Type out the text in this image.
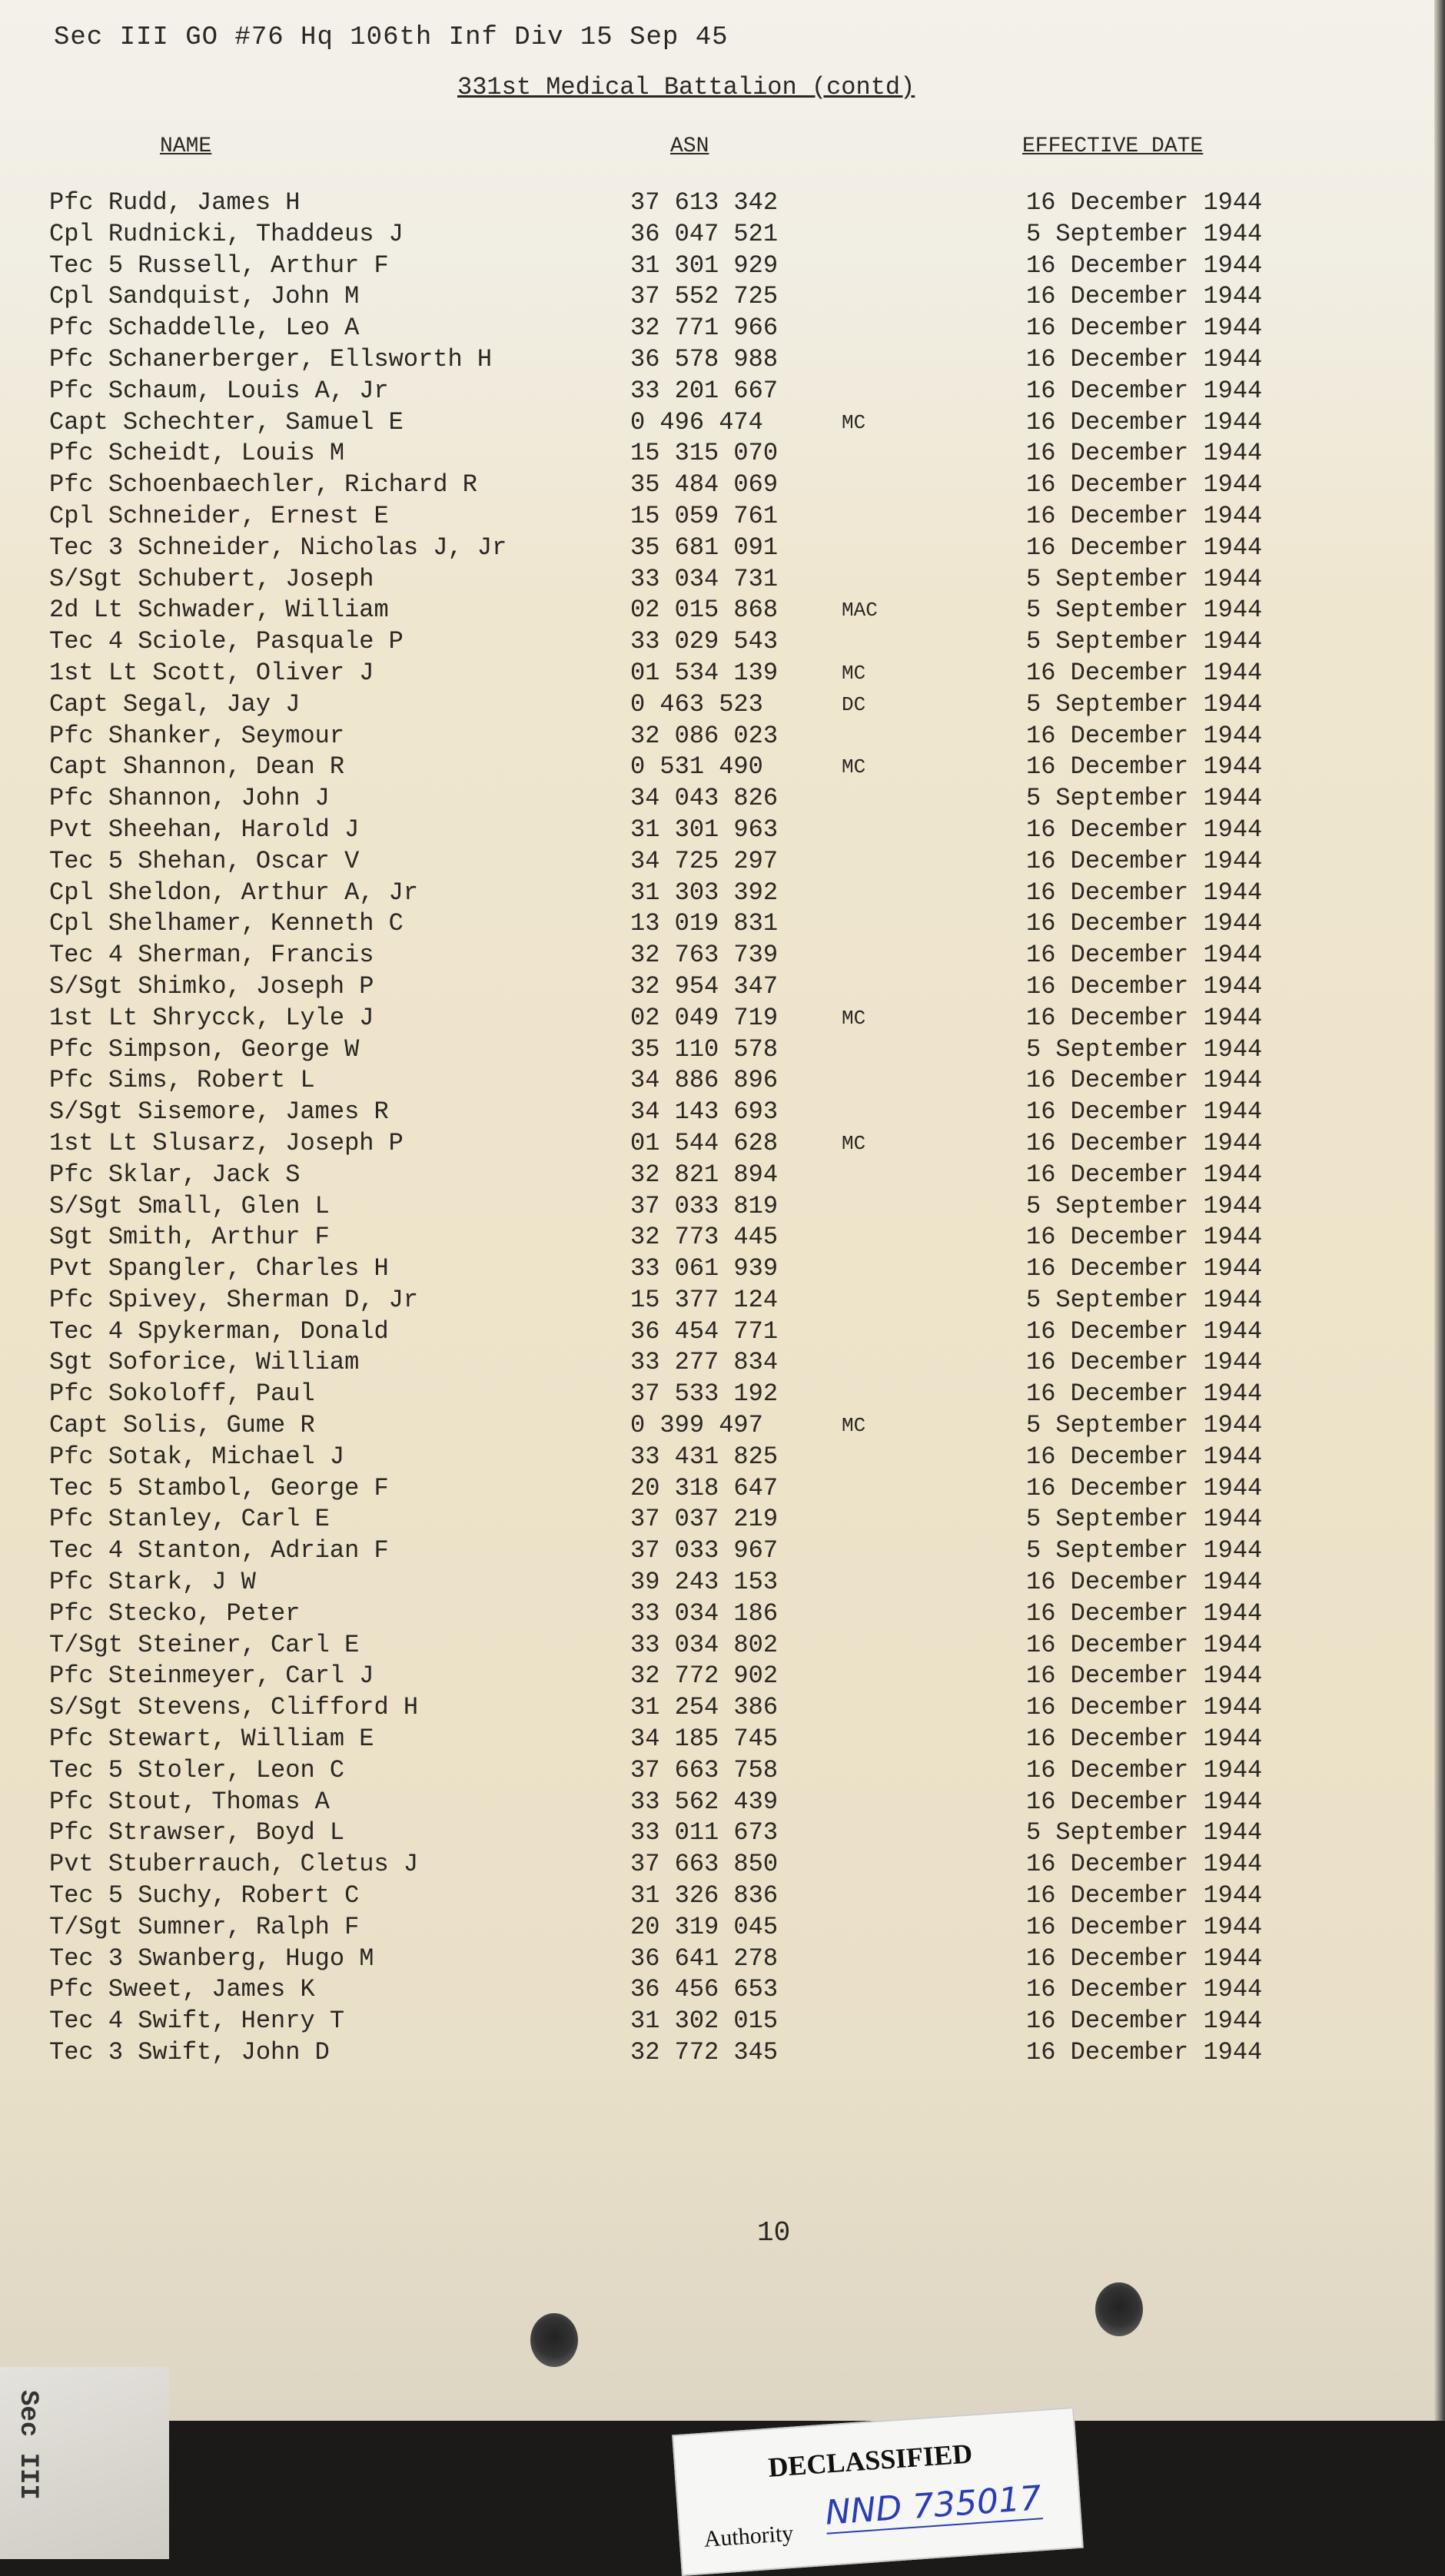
Sec III GO #76 Hq 106th Inf Div 15 Sep 45
331st Medical Battalion (contd)
NAME	ASN	EFFECTIVE DATE
Pfc Rudd, James H	37 613 342	16 December 1944
Cpl Rudnicki, Thaddeus J	36 047 521	5 September 1944
Tec 5 Russell, Arthur F	31 301 929	16 December 1944
Cpl Sandquist, John M	37 552 725	16 December 1944
Pfc Schaddelle, Leo A	32 771 966	16 December 1944
Pfc Schanerberger, Ellsworth H	36 578 988	16 December 1944
Pfc Schaum, Louis A, Jr	33 201 667	16 December 1944
Capt Schechter, Samuel E	0 496 474	MC	16 December 1944
Pfc Scheidt, Louis M	15 315 070	16 December 1944
Pfc Schoenbaechler, Richard R	35 484 069	16 December 1944
Cpl Schneider, Ernest E	15 059 761	16 December 1944
Tec 3 Schneider, Nicholas J, Jr	35 681 091	16 December 1944
S/Sgt Schubert, Joseph	33 034 731	5 September 1944
2d Lt Schwader, William	02 015 868	MAC	5 September 1944
Tec 4 Sciole, Pasquale P	33 029 543	5 September 1944
1st Lt Scott, Oliver J	01 534 139	MC	16 December 1944
Capt Segal, Jay J	0 463 523	DC	5 September 1944
Pfc Shanker, Seymour	32 086 023	16 December 1944
Capt Shannon, Dean R	0 531 490	MC	16 December 1944
Pfc Shannon, John J	34 043 826	5 September 1944
Pvt Sheehan, Harold J	31 301 963	16 December 1944
Tec 5 Shehan, Oscar V	34 725 297	16 December 1944
Cpl Sheldon, Arthur A, Jr	31 303 392	16 December 1944
Cpl Shelhamer, Kenneth C	13 019 831	16 December 1944
Tec 4 Sherman, Francis	32 763 739	16 December 1944
S/Sgt Shimko, Joseph P	32 954 347	16 December 1944
1st Lt Shrycck, Lyle J	02 049 719	MC	16 December 1944
Pfc Simpson, George W	35 110 578	5 September 1944
Pfc Sims, Robert L	34 886 896	16 December 1944
S/Sgt Sisemore, James R	34 143 693	16 December 1944
1st Lt Slusarz, Joseph P	01 544 628	MC	16 December 1944
Pfc Sklar, Jack S	32 821 894	16 December 1944
S/Sgt Small, Glen L	37 033 819	5 September 1944
Sgt Smith, Arthur F	32 773 445	16 December 1944
Pvt Spangler, Charles H	33 061 939	16 December 1944
Pfc Spivey, Sherman D, Jr	15 377 124	5 September 1944
Tec 4 Spykerman, Donald	36 454 771	16 December 1944
Sgt Soforice, William	33 277 834	16 December 1944
Pfc Sokoloff, Paul	37 533 192	16 December 1944
Capt Solis, Gume R	0 399 497	MC	5 September 1944
Pfc Sotak, Michael J	33 431 825	16 December 1944
Tec 5 Stambol, George F	20 318 647	16 December 1944
Pfc Stanley, Carl E	37 037 219	5 September 1944
Tec 4 Stanton, Adrian F	37 033 967	5 September 1944
Pfc Stark, J W	39 243 153	16 December 1944
Pfc Stecko, Peter	33 034 186	16 December 1944
T/Sgt Steiner, Carl E	33 034 802	16 December 1944
Pfc Steinmeyer, Carl J	32 772 902	16 December 1944
S/Sgt Stevens, Clifford H	31 254 386	16 December 1944
Pfc Stewart, William E	34 185 745	16 December 1944
Tec 5 Stoler, Leon C	37 663 758	16 December 1944
Pfc Stout, Thomas A	33 562 439	16 December 1944
Pfc Strawser, Boyd L	33 011 673	5 September 1944
Pvt Stuberrauch, Cletus J	37 663 850	16 December 1944
Tec 5 Suchy, Robert C	31 326 836	16 December 1944
T/Sgt Sumner, Ralph F	20 319 045	16 December 1944
Tec 3 Swanberg, Hugo M	36 641 278	16 December 1944
Pfc Sweet, James K	36 456 653	16 December 1944
Tec 4 Swift, Henry T	31 302 015	16 December 1944
Tec 3 Swift, John D	32 772 345	16 December 1944
10
Sec III	DECLASSIFIED
NND 735017
Authority
